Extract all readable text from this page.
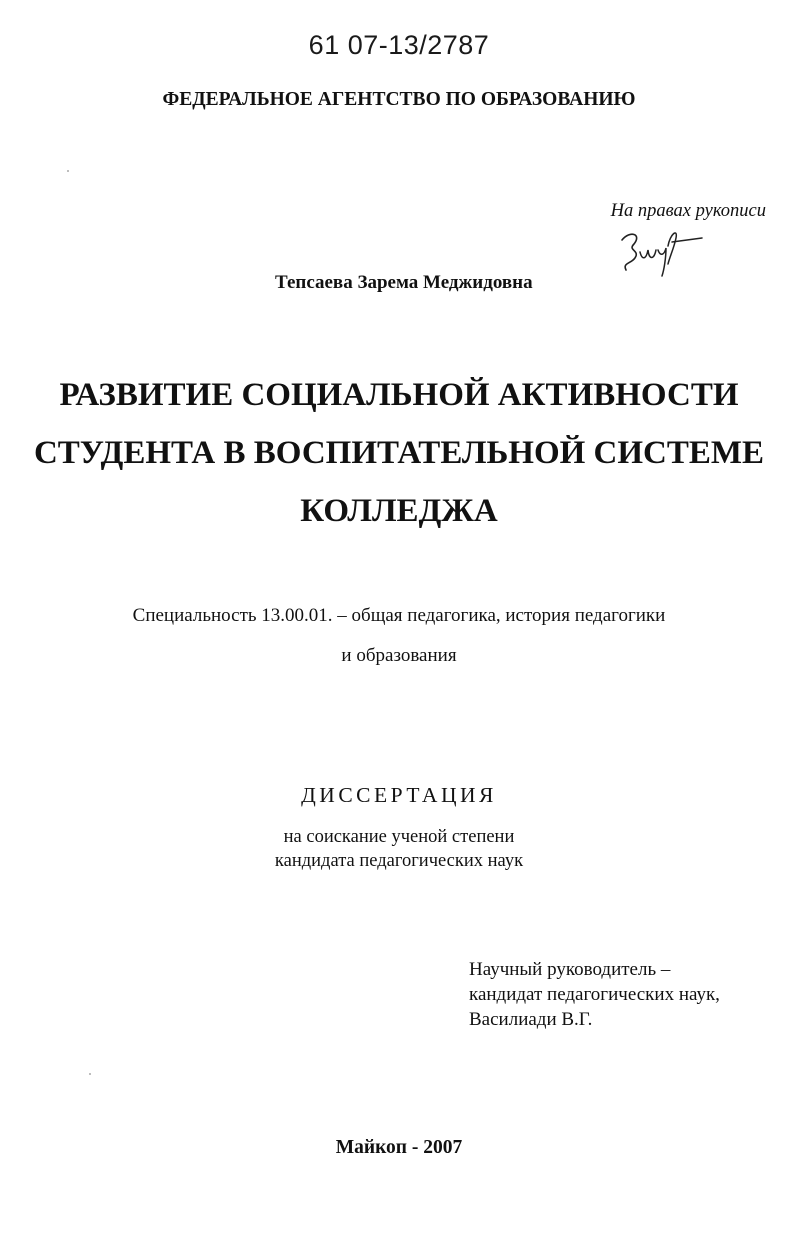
61 07-13/2787
ФЕДЕРАЛЬНОЕ АГЕНТСТВО ПО ОБРАЗОВАНИЮ
На правах рукописи
Тепсаева Зарема Меджидовна
РАЗВИТИЕ СОЦИАЛЬНОЙ АКТИВНОСТИ
СТУДЕНТА В ВОСПИТАТЕЛЬНОЙ СИСТЕМЕ
КОЛЛЕДЖА
Специальность 13.00.01. – общая педагогика, история педагогики
и образования
ДИССЕРТАЦИЯ
на соискание ученой степени
кандидата педагогических наук
Научный руководитель –
кандидат педагогических наук,
Василиади В.Г.
Майкоп - 2007
